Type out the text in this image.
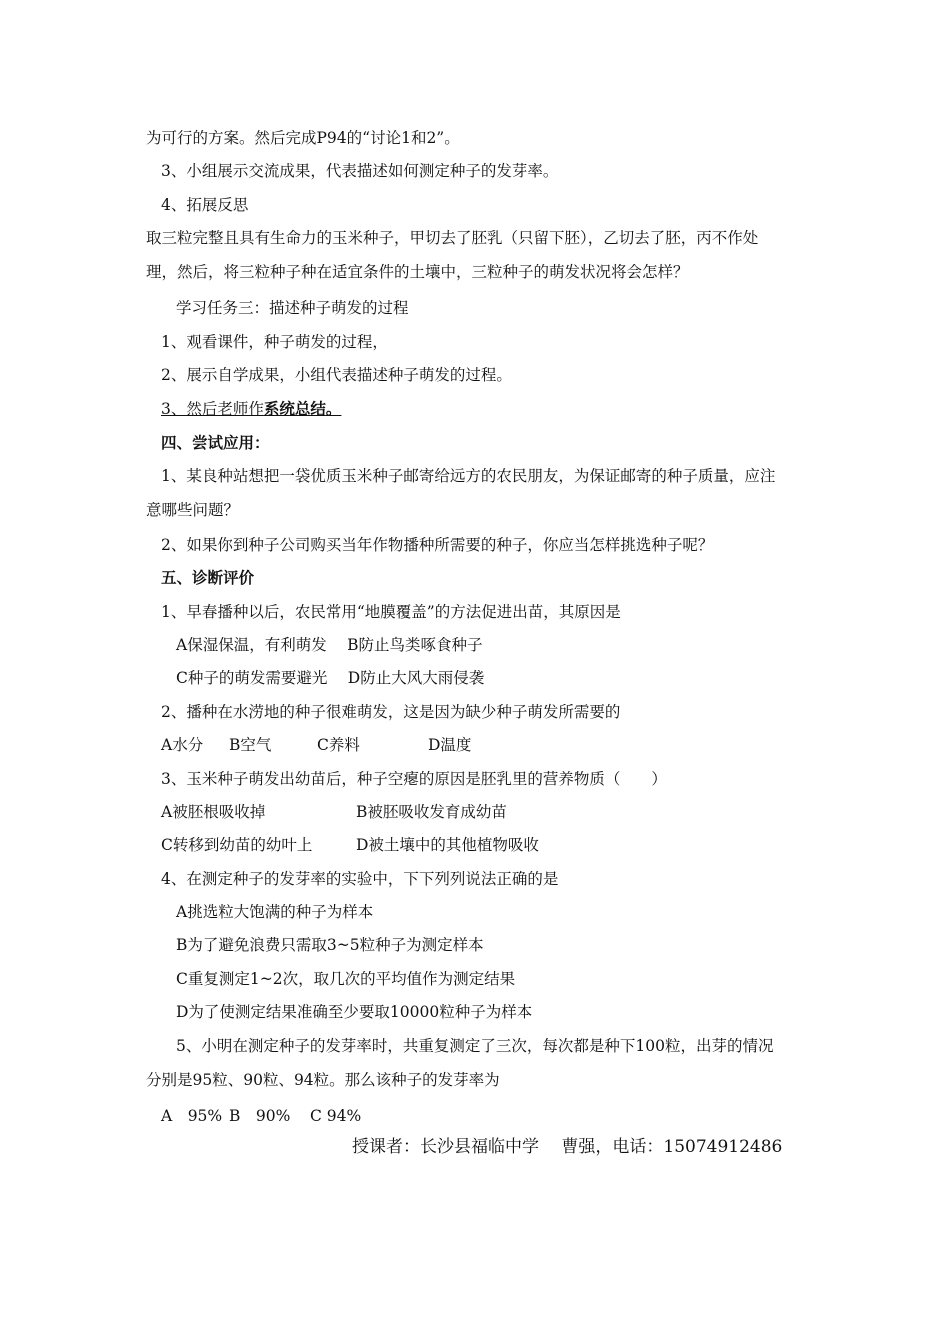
为可行的方案。然后完成P94的“讨论1和2”。
3、小组展示交流成果，代表描述如何测定种子的发芽率。
4、拓展反思
取三粒完整且具有生命力的玉米种子，甲切去了胚乳（只留下胚），乙切去了胚，丙不作处
理，然后，将三粒种子种在适宜条件的土壤中，三粒种子的萌发状况将会怎样？
学习任务三：描述种子萌发的过程
1、观看课件，种子萌发的过程，
2、展示自学成果，小组代表描述种子萌发的过程。
3、然后老师作系统总结。
四、尝试应用：
1、某良种站想把一袋优质玉米种子邮寄给远方的农民朋友，为保证邮寄的种子质量，应注
意哪些问题？
2、如果你到种子公司购买当年作物播种所需要的种子，你应当怎样挑选种子呢？
五、诊断评价
1、早春播种以后，农民常用“地膜覆盖”的方法促进出苗，其原因是
A保湿保温，有利萌发　 B防止鸟类啄食种子
C种子的萌发需要避光　 D防止大风大雨侵袭
2、播种在水涝地的种子很难萌发，这是因为缺少种子萌发所需要的
A水分 B空气	C养料	D温度
3、玉米种子萌发出幼苗后，种子空瘪的原因是胚乳里的营养物质（　　）
A被胚根吸收掉	B被胚吸收发育成幼苗
C转移到幼苗的幼叶上	D被土壤中的其他植物吸收
4、在测定种子的发芽率的实验中，下下列列说法正确的是
A挑选粒大饱满的种子为样本
B为了避免浪费只需取3~5粒种子为测定样本
C重复测定1~2次，取几次的平均值作为测定结果
D为了使测定结果准确至少要取10000粒种子为样本
5、小明在测定种子的发芽率时，共重复测定了三次，每次都是种下100粒，出芽的情况
分别是95粒、90粒、94粒。那么该种子的发芽率为
A　95% B　90% C 94%
授课者：长沙县福临中学　 曹强，电话：15074912486
